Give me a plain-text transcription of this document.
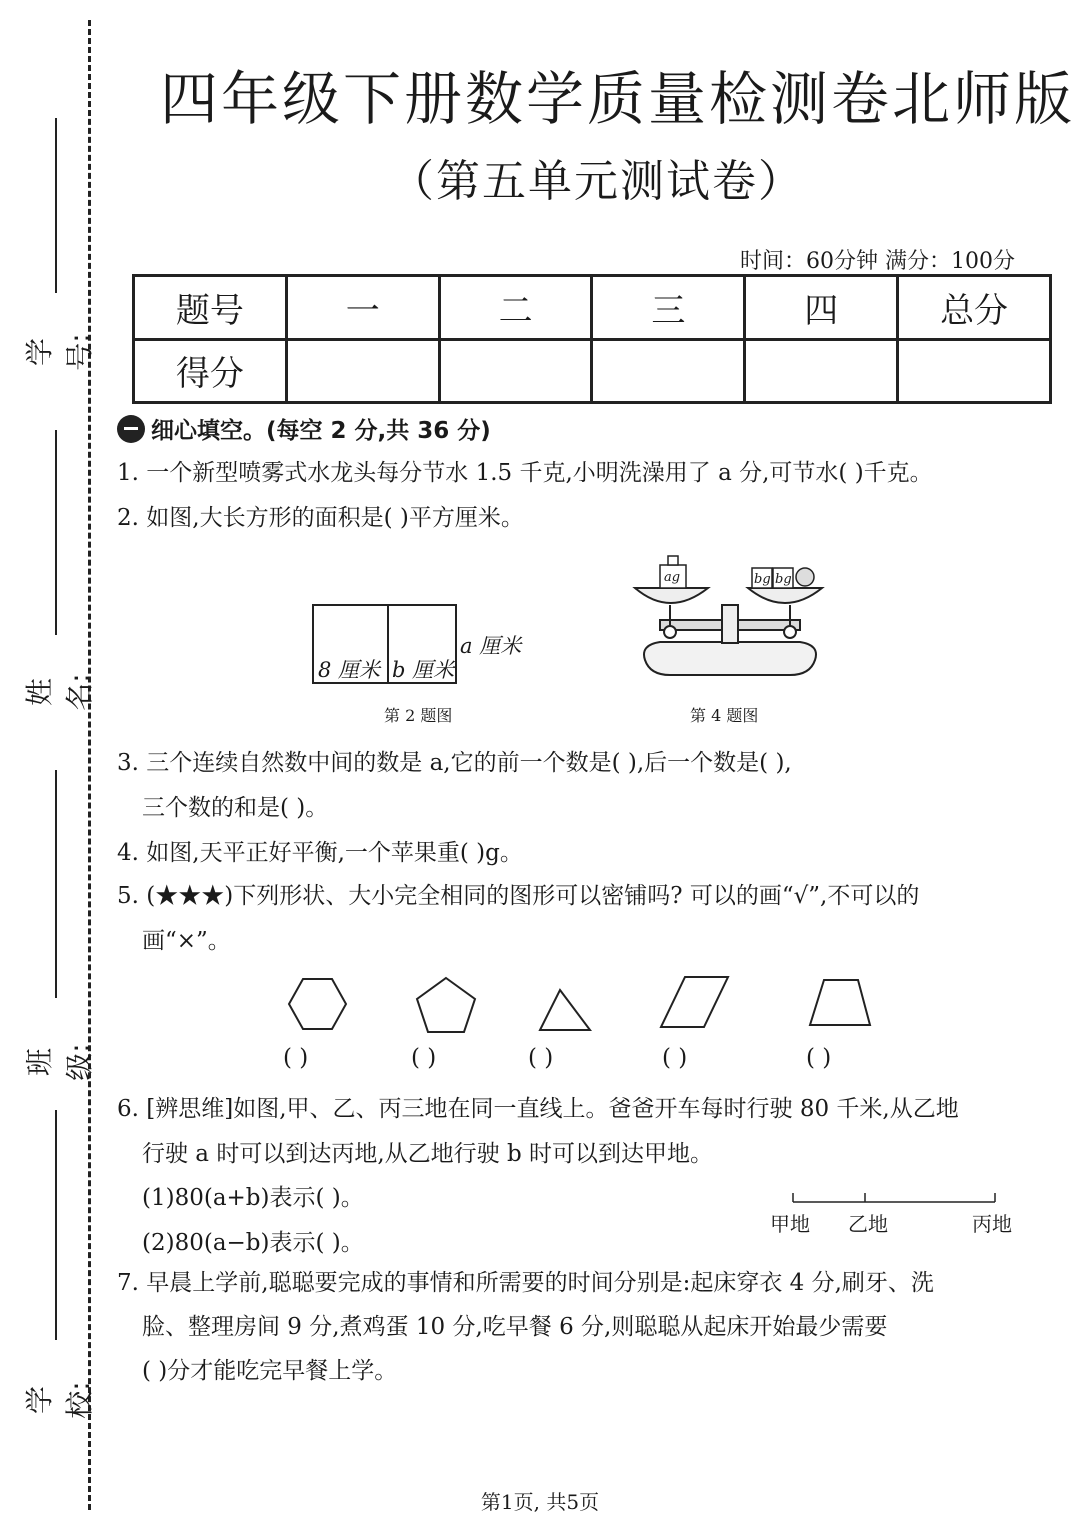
学号:
姓名:
班级:
学校:
四年级下册数学质量检测卷北师版
（第五单元测试卷）
时间：60分钟 满分：100分
题号	一	二	三	四	总分
得分					
细心填空。(每空 2 分,共 36 分)
1. 一个新型喷雾式水龙头每分节水 1.5 千克,小明洗澡用了 a 分,可节水( )千克。
2. 如图,大长方形的面积是( )平方厘米。
8 厘米 b 厘米
a 厘米
第 2 题图
ag	bg bg
第 4 题图
3. 三个连续自然数中间的数是 a,它的前一个数是( ),后一个数是( ),
三个数的和是( )。
4. 如图,天平正好平衡,一个苹果重( )g。
5. (★★★)下列形状、大小完全相同的图形可以密铺吗? 可以的画“√”,不可以的
画“×”。
( )	( )	( )	( )	( )
6. [辨思维]如图,甲、乙、丙三地在同一直线上。爸爸开车每时行驶 80 千米,从乙地
行驶 a 时可以到达丙地,从乙地行驶 b 时可以到达甲地。
(1)80(a+b)表示( )。
(2)80(a−b)表示( )。
甲地 乙地	丙地
7. 早晨上学前,聪聪要完成的事情和所需要的时间分别是:起床穿衣 4 分,刷牙、洗
脸、整理房间 9 分,煮鸡蛋 10 分,吃早餐 6 分,则聪聪从起床开始最少需要
( )分才能吃完早餐上学。
第1页, 共5页
